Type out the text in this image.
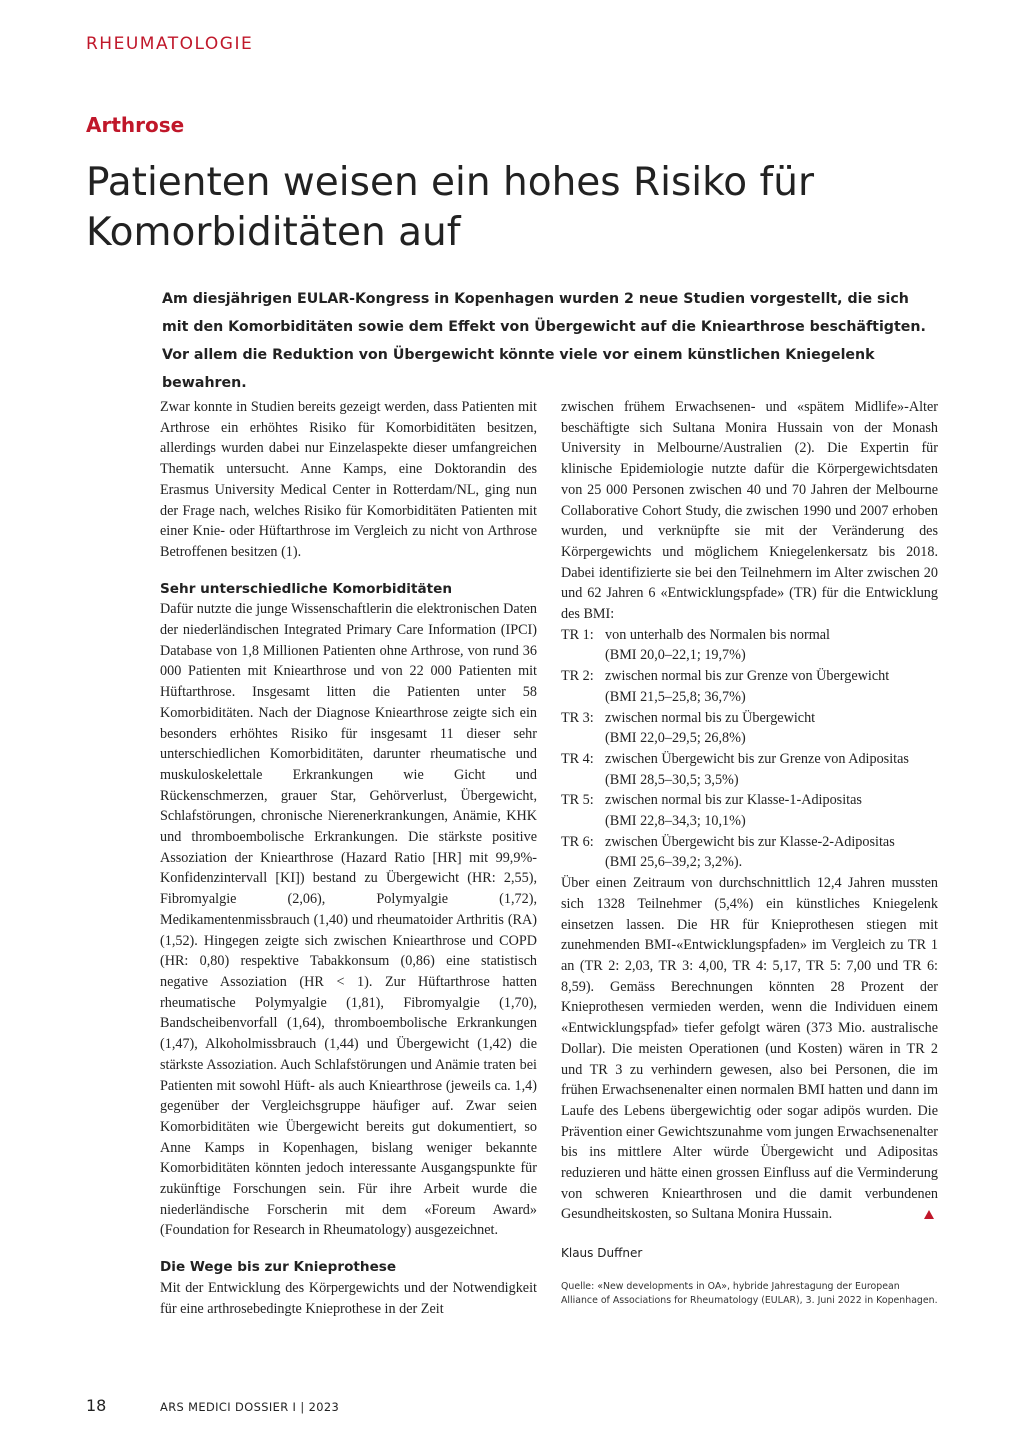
RHEUMATOLOGIE
Arthrose
Patienten weisen ein hohes Risiko für Komorbiditäten auf
Am diesjährigen EULAR-Kongress in Kopenhagen wurden 2 neue Studien vorgestellt, die sich mit den Komorbiditäten sowie dem Effekt von Übergewicht auf die Kniearthrose beschäftigten. Vor allem die Reduktion von Übergewicht könnte viele vor einem künstlichen Kniegelenk bewahren.

Zwar konnte in Studien bereits gezeigt werden, dass Patienten mit Arthrose ein erhöhtes Risiko für Komorbiditäten besitzen, allerdings wurden dabei nur Einzelaspekte dieser umfangreichen Thematik untersucht. Anne Kamps, eine Doktorandin des Erasmus University Medical Center in Rotterdam/NL, ging nun der Frage nach, welches Risiko für Komorbiditäten Patienten mit einer Knie- oder Hüftarthrose im Vergleich zu nicht von Arthrose Betroffenen besitzen (1).

Sehr unterschiedliche Komorbiditäten

Dafür nutzte die junge Wissenschaftlerin die elektronischen Daten der niederländischen Integrated Primary Care Information (IPCI) Database von 1,8 Millionen Patienten ohne Arthrose, von rund 36 000 Patienten mit Kniearthrose und von 22 000 Patienten mit Hüftarthrose. Insgesamt litten die Patienten unter 58 Komorbiditäten. Nach der Diagnose Kniearthrose zeigte sich ein besonders erhöhtes Risiko für insgesamt 11 dieser sehr unterschiedlichen Komorbiditäten, darunter rheumatische und muskuloskelettale Erkrankungen wie Gicht und Rückenschmerzen, grauer Star, Gehörverlust, Übergewicht, Schlafstörungen, chronische Nierenerkrankungen, Anämie, KHK und thromboembolische Erkrankungen. Die stärkste positive Assoziation der Kniearthrose (Hazard Ratio [HR] mit 99,9%-Konfidenzintervall [KI]) bestand zu Übergewicht (HR: 2,55), Fibromyalgie (2,06), Polymyalgie (1,72), Medikamentenmissbrauch (1,40) und rheumatoider Arthritis (RA) (1,52). Hingegen zeigte sich zwischen Kniearthrose und COPD (HR: 0,80) respektive Tabakkonsum (0,86) eine statistisch negative Assoziation (HR < 1). Zur Hüftarthrose hatten rheumatische Polymyalgie (1,81), Fibromyalgie (1,70), Bandscheibenvorfall (1,64), thromboembolische Erkrankungen (1,47), Alkoholmissbrauch (1,44) und Übergewicht (1,42) die stärkste Assoziation. Auch Schlafstörungen und Anämie traten bei Patienten mit sowohl Hüft- als auch Kniearthrose (jeweils ca. 1,4) gegenüber der Vergleichsgruppe häufiger auf. Zwar seien Komorbiditäten wie Übergewicht bereits gut dokumentiert, so Anne Kamps in Kopenhagen, bislang weniger bekannte Komorbiditäten könnten jedoch interessante Ausgangspunkte für zukünftige Forschungen sein. Für ihre Arbeit wurde die niederländische Forscherin mit dem «Foreum Award» (Foundation for Research in Rheumatology) ausgezeichnet.

Die Wege bis zur Knieprothese

Mit der Entwicklung des Körpergewichts und der Notwendigkeit für eine arthrosebedingte Knieprothese in der Zeit

zwischen frühem Erwachsenen- und «spätem Midlife»-Alter beschäftigte sich Sultana Monira Hussain von der Monash University in Melbourne/Australien (2). Die Expertin für klinische Epidemiologie nutzte dafür die Körpergewichtsdaten von 25 000 Personen zwischen 40 und 70 Jahren der Melbourne Collaborative Cohort Study, die zwischen 1990 und 2007 erhoben wurden, und verknüpfte sie mit der Veränderung des Körpergewichts und möglichem Kniegelenkersatz bis 2018. Dabei identifizierte sie bei den Teilnehmern im Alter zwischen 20 und 62 Jahren 6 «Entwicklungspfade» (TR) für die Entwicklung des BMI:

TR 1: von unterhalb des Normalen bis normal
(BMI 20,0–22,1; 19,7%)
TR 2: zwischen normal bis zur Grenze von Übergewicht
(BMI 21,5–25,8; 36,7%)
TR 3: zwischen normal bis zu Übergewicht
(BMI 22,0–29,5; 26,8%)
TR 4: zwischen Übergewicht bis zur Grenze von Adipositas
(BMI 28,5–30,5; 3,5%)
TR 5: zwischen normal bis zur Klasse-1-Adipositas
(BMI 22,8–34,3; 10,1%)
TR 6: zwischen Übergewicht bis zur Klasse-2-Adipositas
(BMI 25,6–39,2; 3,2%).

Über einen Zeitraum von durchschnittlich 12,4 Jahren mussten sich 1328 Teilnehmer (5,4%) ein künstliches Kniegelenk einsetzen lassen. Die HR für Knieprothesen stiegen mit zunehmenden BMI-«Entwicklungspfaden» im Vergleich zu TR 1 an (TR 2: 2,03, TR 3: 4,00, TR 4: 5,17, TR 5: 7,00 und TR 6: 8,59). Gemäss Berechnungen könnten 28 Prozent der Knieprothesen vermieden werden, wenn die Individuen einem «Entwicklungspfad» tiefer gefolgt wären (373 Mio. australische Dollar). Die meisten Operationen (und Kosten) wären in TR 2 und TR 3 zu verhindern gewesen, also bei Personen, die im frühen Erwachsenenalter einen normalen BMI hatten und dann im Laufe des Lebens übergewichtig oder sogar adipös wurden. Die Prävention einer Gewichtszunahme vom jungen Erwachsenenalter bis ins mittlere Alter würde Übergewicht und Adipositas reduzieren und hätte einen grossen Einfluss auf die Verminderung von schweren Kniearthrosen und die damit verbundenen Gesundheitskosten, so Sultana Monira Hussain.

Klaus Duffner
Quelle: «New developments in OA», hybride Jahrestagung der European Alliance of Associations for Rheumatology (EULAR), 3. Juni 2022 in Kopenhagen.
18	ARS MEDICI DOSSIER I | 2023
